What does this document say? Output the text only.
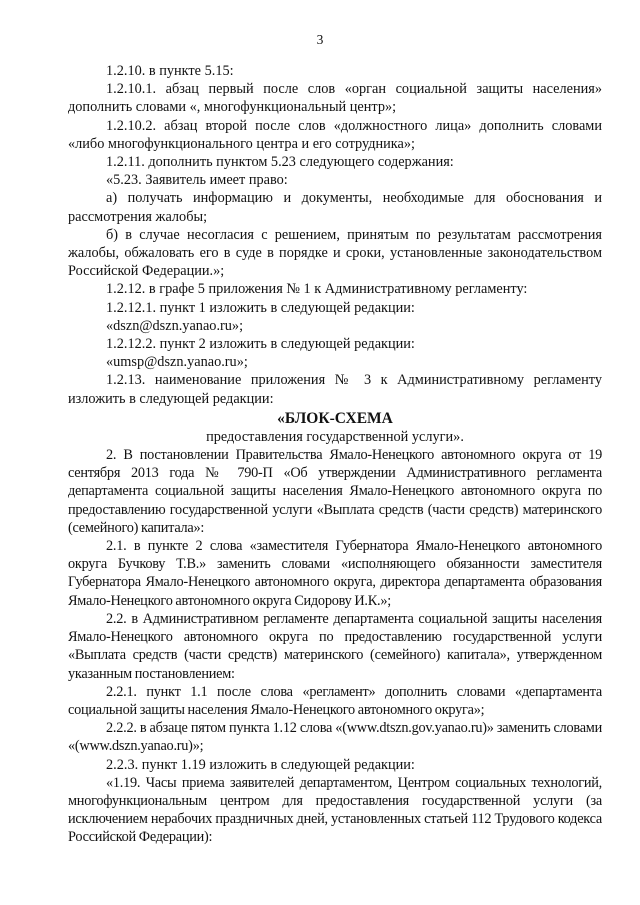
3

1.2.10. в пункте 5.15:

1.2.10.1. абзац первый после слов «орган социальной защиты населения» дополнить словами «, многофункциональный центр»;

1.2.10.2. абзац второй после слов «должностного лица» дополнить словами «либо многофункционального центра и его сотрудника»;

1.2.11. дополнить пунктом 5.23 следующего содержания:

«5.23. Заявитель имеет право:

а) получать информацию и документы, необходимые для обоснования и рассмотрения жалобы;

б) в случае несогласия с решением, принятым по результатам рассмотрения жалобы, обжаловать его в суде в порядке и сроки, установленные законодательством Российской Федерации.»;

1.2.12. в графе 5 приложения № 1 к Административному регламенту:

1.2.12.1. пункт 1 изложить в следующей редакции:

«dszn@dszn.yanao.ru»;

1.2.12.2. пункт 2 изложить в следующей редакции:

«umsp@dszn.yanao.ru»;

1.2.13. наименование приложения № 3 к Административному регламенту изложить в следующей редакции:

«БЛОК-СХЕМА

предоставления государственной услуги».

2. В постановлении Правительства Ямало-Ненецкого автономного округа от 19 сентября 2013 года № 790-П «Об утверждении Административного регламента департамента социальной защиты населения Ямало-Ненецкого автономного округа по предоставлению государственной услуги «Выплата средств (части средств) материнского (семейного) капитала»:

2.1. в пункте 2 слова «заместителя Губернатора Ямало-Ненецкого автономного округа Бучкову Т.В.» заменить словами «исполняющего обязанности заместителя Губернатора Ямало-Ненецкого автономного округа, директора департамента образования Ямало-Ненецкого автономного округа Сидорову И.К.»;

2.2. в Административном регламенте департамента социальной защиты населения Ямало-Ненецкого автономного округа по предоставлению государственной услуги «Выплата средств (части средств) материнского (семейного) капитала», утвержденном указанным постановлением:

2.2.1. пункт 1.1 после слова «регламент» дополнить словами «департамента социальной защиты населения Ямало-Ненецкого автономного округа»;

2.2.2. в абзаце пятом пункта 1.12 слова «(www.dtszn.gov.yanao.ru)» заменить словами «(www.dszn.yanao.ru)»;

2.2.3. пункт 1.19 изложить в следующей редакции:

«1.19. Часы приема заявителей департаментом, Центром социальных технологий, многофункциональным центром для предоставления государственной услуги (за исключением нерабочих праздничных дней, установленных статьей 112 Трудового кодекса Российской Федерации):
